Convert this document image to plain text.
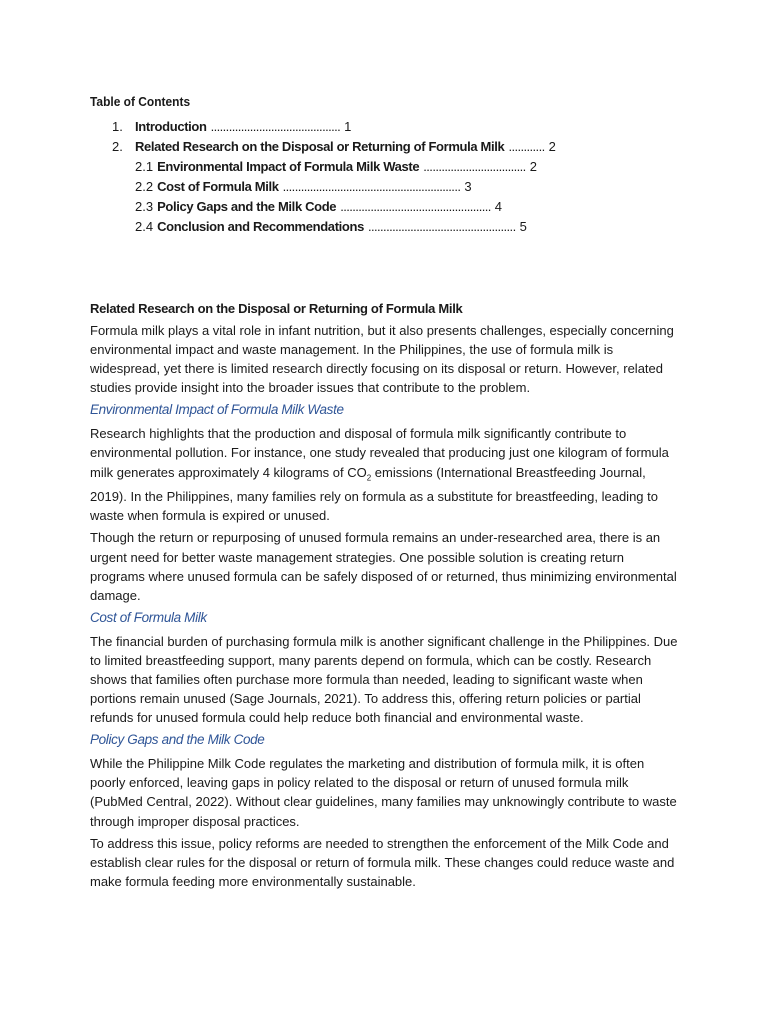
Table of Contents
1. Introduction ........................................... 1
2. Related Research on the Disposal or Returning of Formula Milk ............ 2
2.1 Environmental Impact of Formula Milk Waste .................................. 2
2.2 Cost of Formula Milk ........................................................... 3
2.3 Policy Gaps and the Milk Code .................................................. 4
2.4 Conclusion and Recommendations ................................................. 5
Related Research on the Disposal or Returning of Formula Milk

Formula milk plays a vital role in infant nutrition, but it also presents challenges, especially concerning environmental impact and waste management. In the Philippines, the use of formula milk is widespread, yet there is limited research directly focusing on its disposal or return. However, related studies provide insight into the broader issues that contribute to the problem.

Environmental Impact of Formula Milk Waste

Research highlights that the production and disposal of formula milk significantly contribute to environmental pollution. For instance, one study revealed that producing just one kilogram of formula milk generates approximately 4 kilograms of $CO_2$ emissions (International Breastfeeding Journal, 2019). In the Philippines, many families rely on formula as a substitute for breastfeeding, leading to waste when formula is expired or unused.

Though the return or repurposing of unused formula remains an under-researched area, there is an urgent need for better waste management strategies. One possible solution is creating return programs where unused formula can be safely disposed of or returned, thus minimizing environmental damage.

Cost of Formula Milk

The financial burden of purchasing formula milk is another significant challenge in the Philippines. Due to limited breastfeeding support, many parents depend on formula, which can be costly. Research shows that families often purchase more formula than needed, leading to significant waste when portions remain unused (Sage Journals, 2021). To address this, offering return policies or partial refunds for unused formula could help reduce both financial and environmental waste.

Policy Gaps and the Milk Code

While the Philippine Milk Code regulates the marketing and distribution of formula milk, it is often poorly enforced, leaving gaps in policy related to the disposal or return of unused formula milk (PubMed Central, 2022). Without clear guidelines, many families may unknowingly contribute to waste through improper disposal practices.

To address this issue, policy reforms are needed to strengthen the enforcement of the Milk Code and establish clear rules for the disposal or return of formula milk. These changes could reduce waste and make formula feeding more environmentally sustainable.
